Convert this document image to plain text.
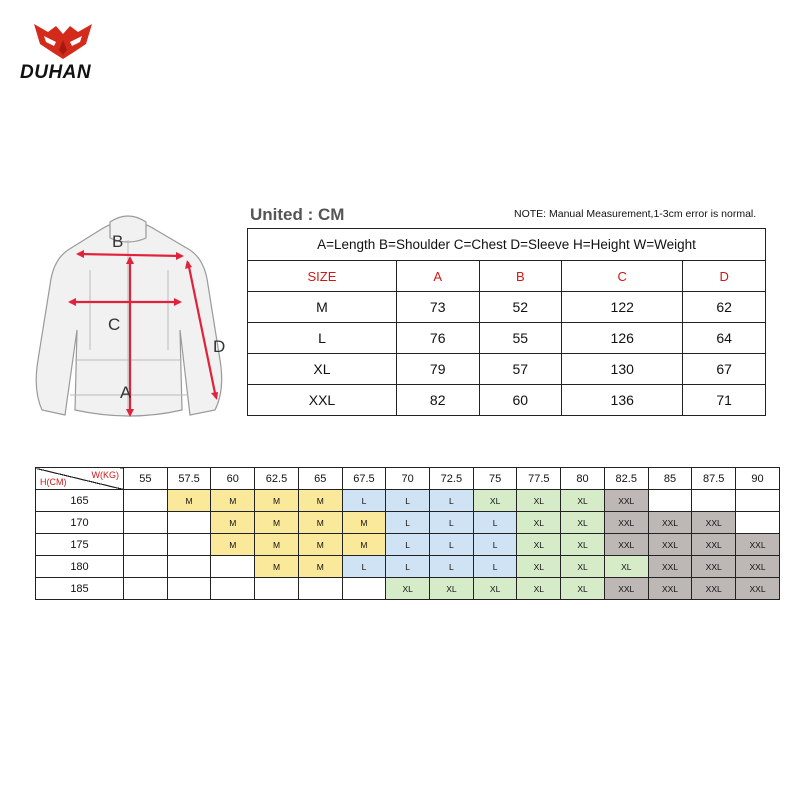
DUHAN
United : CM	NOTE: Manual Measurement,1-3cm error is normal.
B
C
A
D
A=Length B=Shoulder C=Chest D=Sleeve H=Height W=Weight				
SIZE	A	B	C	D
M	73	52	122	62
L	76	55	126	64
XL	79	57	130	67
XXL	82	60	136	71
W(KG)
H(CM)	55	57.5	60	62.5	65	67.5	70	72.5	75	77.5	80	82.5	85	87.5	90
165		M	M	M	M	L	L	L	XL	XL	XL	XXL			
170			M	M	M	M	L	L	L	XL	XL	XXL	XXL	XXL	
175			M	M	M	M	L	L	L	XL	XL	XXL	XXL	XXL	XXL
180				M	M	L	L	L	L	XL	XL	XL	XXL	XXL	XXL
185							XL	XL	XL	XL	XL	XXL	XXL	XXL	XXL
